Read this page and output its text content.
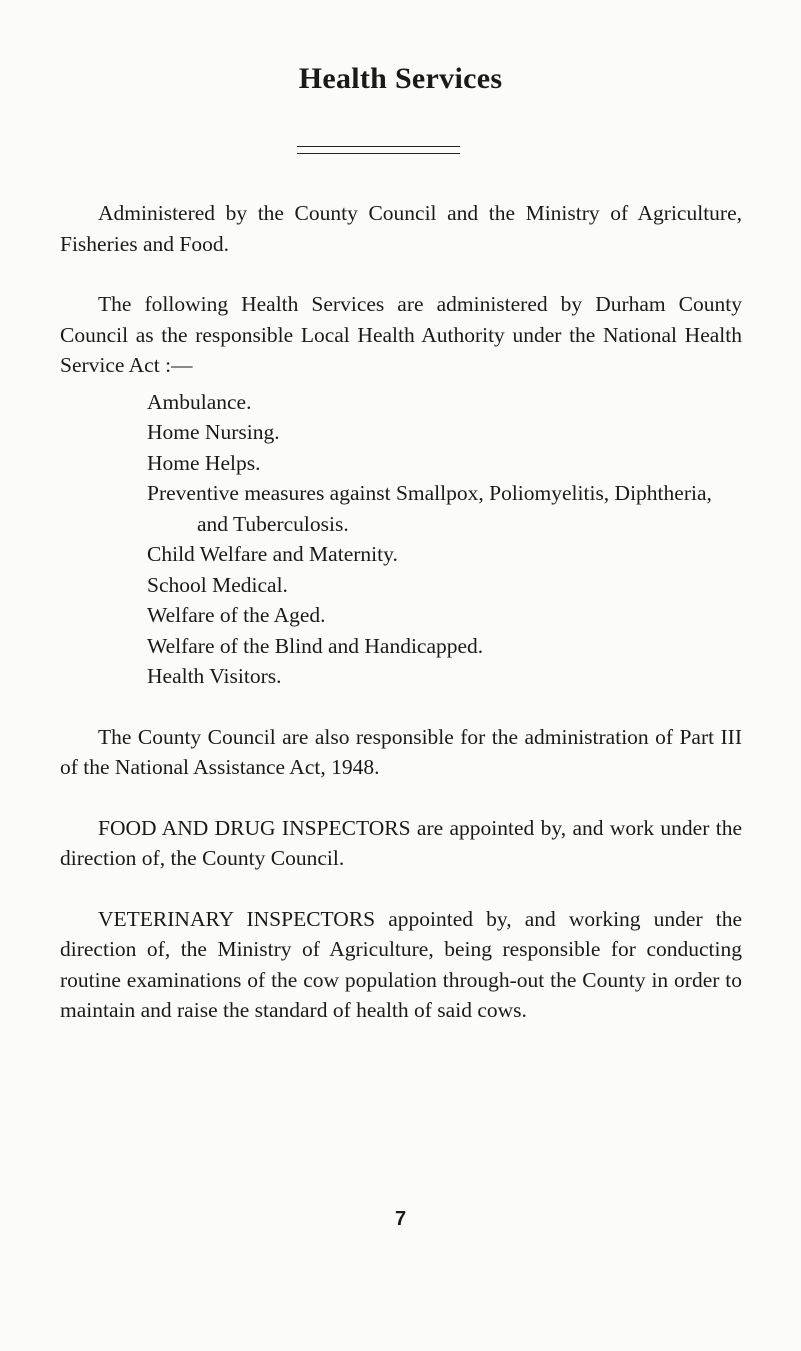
Health Services

Administered by the County Council and the Ministry of Agriculture, Fisheries and Food.

The following Health Services are administered by Durham County Council as the responsible Local Health Authority under the National Health Service Act :—

Ambulance.
Home Nursing.
Home Helps.
Preventive measures against Smallpox, Poliomyelitis, Diphtheria, and Tuberculosis.
Child Welfare and Maternity.
School Medical.
Welfare of the Aged.
Welfare of the Blind and Handicapped.
Health Visitors.

The County Council are also responsible for the administration of Part III of the National Assistance Act, 1948.

FOOD AND DRUG INSPECTORS are appointed by, and work under the direction of, the County Council.

VETERINARY INSPECTORS appointed by, and working under the direction of, the Ministry of Agriculture, being responsible for conducting routine examinations of the cow population through-out the County in order to maintain and raise the standard of health of said cows.

7
